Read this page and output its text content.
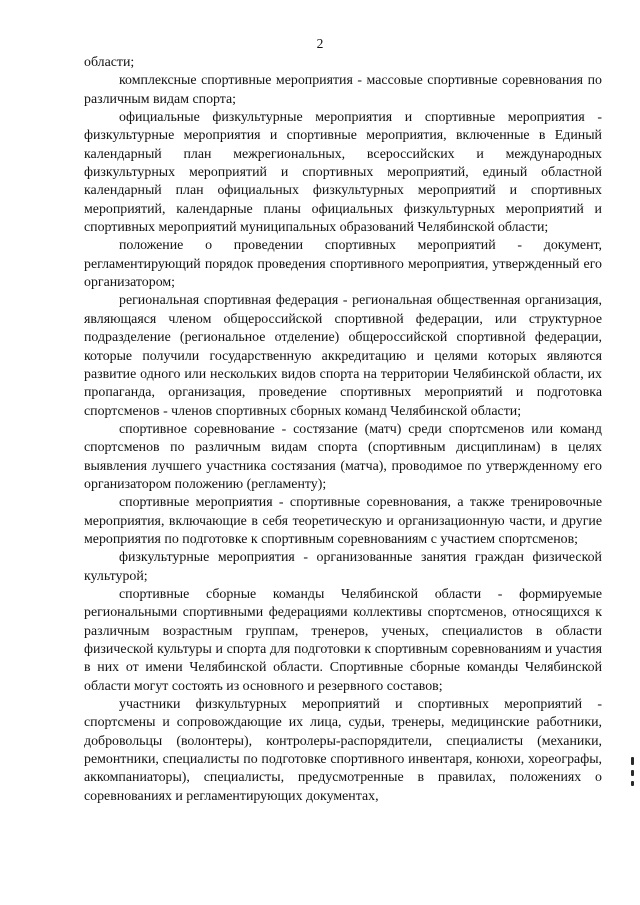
2

области;

комплексные спортивные мероприятия - массовые спортивные соревнования по различным видам спорта;

официальные физкультурные мероприятия и спортивные мероприятия - физкультурные мероприятия и спортивные мероприятия, включенные в Единый календарный план межрегиональных, всероссийских и международных физкультурных мероприятий и спортивных мероприятий, единый областной календарный план официальных физкультурных мероприятий и спортивных мероприятий, календарные планы официальных физкультурных мероприятий и спортивных мероприятий муниципальных образований Челябинской области;

положение о проведении спортивных мероприятий - документ, регламентирующий порядок проведения спортивного мероприятия, утвержденный его организатором;

региональная спортивная федерация - региональная общественная организация, являющаяся членом общероссийской спортивной федерации, или структурное подразделение (региональное отделение) общероссийской спортивной федерации, которые получили государственную аккредитацию и целями которых являются развитие одного или нескольких видов спорта на территории Челябинской области, их пропаганда, организация, проведение спортивных мероприятий и подготовка спортсменов - членов спортивных сборных команд Челябинской области;

спортивное соревнование - состязание (матч) среди спортсменов или команд спортсменов по различным видам спорта (спортивным дисциплинам) в целях выявления лучшего участника состязания (матча), проводимое по утвержденному его организатором положению (регламенту);

спортивные мероприятия - спортивные соревнования, а также тренировочные мероприятия, включающие в себя теоретическую и организационную части, и другие мероприятия по подготовке к спортивным соревнованиям с участием спортсменов;

физкультурные мероприятия - организованные занятия граждан физической культурой;

спортивные сборные команды Челябинской области - формируемые региональными спортивными федерациями коллективы спортсменов, относящихся к различным возрастным группам, тренеров, ученых, специалистов в области физической культуры и спорта для подготовки к спортивным соревнованиям и участия в них от имени Челябинской области. Спортивные сборные команды Челябинской области могут состоять из основного и резервного составов;

участники физкультурных мероприятий и спортивных мероприятий - спортсмены и сопровождающие их лица, судьи, тренеры, медицинские работники, добровольцы (волонтеры), контролеры-распорядители, специалисты (механики, ремонтники, специалисты по подготовке спортивного инвентаря, конюхи, хореографы, аккомпаниаторы), специалисты, предусмотренные в правилах, положениях о соревнованиях и регламентирующих документах,
